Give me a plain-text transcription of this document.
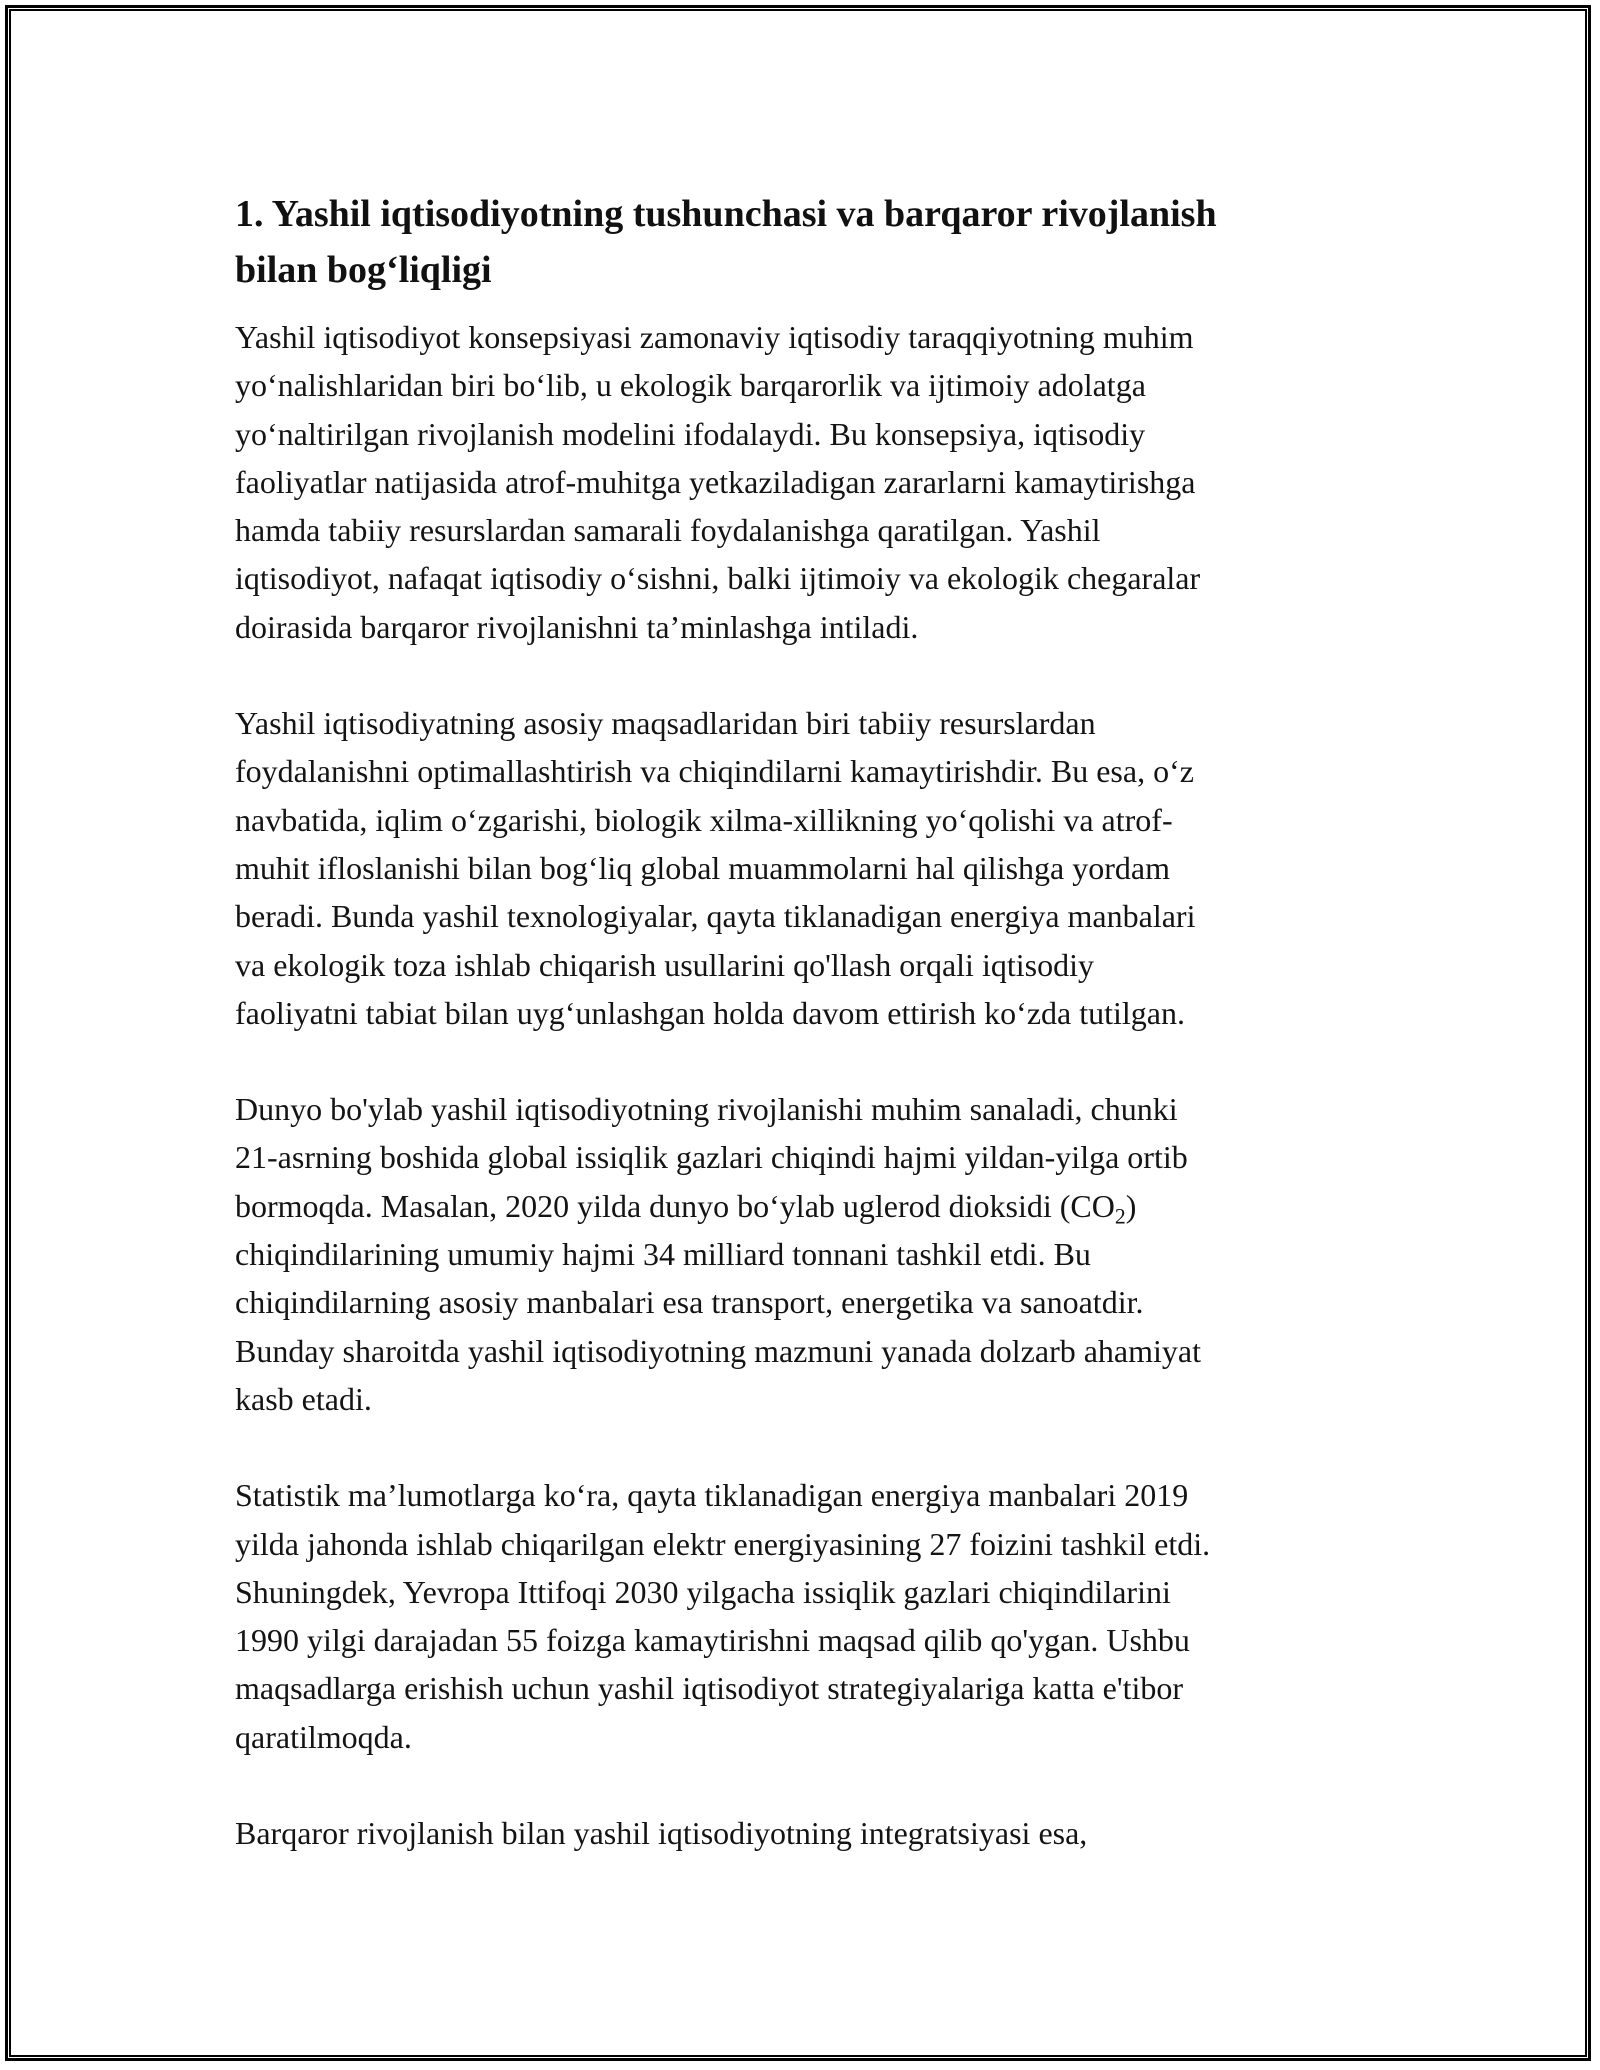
1. Yashil iqtisodiyotning tushunchasi va barqaror rivojlanish
bilan bog‘liqligi

Yashil iqtisodiyot konsepsiyasi zamonaviy iqtisodiy taraqqiyotning muhim
yo‘nalishlaridan biri bo‘lib, u ekologik barqarorlik va ijtimoiy adolatga
yo‘naltirilgan rivojlanish modelini ifodalaydi. Bu konsepsiya, iqtisodiy
faoliyatlar natijasida atrof-muhitga yetkaziladigan zararlarni kamaytirishga
hamda tabiiy resurslardan samarali foydalanishga qaratilgan. Yashil
iqtisodiyot, nafaqat iqtisodiy o‘sishni, balki ijtimoiy va ekologik chegaralar
doirasida barqaror rivojlanishni ta’minlashga intiladi.

Yashil iqtisodiyatning asosiy maqsadlaridan biri tabiiy resurslardan
foydalanishni optimallashtirish va chiqindilarni kamaytirishdir. Bu esa, o‘z
navbatida, iqlim o‘zgarishi, biologik xilma-xillikning yo‘qolishi va atrof-
muhit ifloslanishi bilan bog‘liq global muammolarni hal qilishga yordam
beradi. Bunda yashil texnologiyalar, qayta tiklanadigan energiya manbalari
va ekologik toza ishlab chiqarish usullarini qo'llash orqali iqtisodiy
faoliyatni tabiat bilan uyg‘unlashgan holda davom ettirish ko‘zda tutilgan.

Dunyo bo'ylab yashil iqtisodiyotning rivojlanishi muhim sanaladi, chunki
21-asrning boshida global issiqlik gazlari chiqindi hajmi yildan-yilga ortib
bormoqda. Masalan, 2020 yilda dunyo bo‘ylab uglerod dioksidi $(CO_2)$
chiqindilarining umumiy hajmi 34 milliard tonnani tashkil etdi. Bu
chiqindilarning asosiy manbalari esa transport, energetika va sanoatdir.
Bunday sharoitda yashil iqtisodiyotning mazmuni yanada dolzarb ahamiyat
kasb etadi.

Statistik ma’lumotlarga ko‘ra, qayta tiklanadigan energiya manbalari 2019
yilda jahonda ishlab chiqarilgan elektr energiyasining 27 foizini tashkil etdi.
Shuningdek, Yevropa Ittifoqi 2030 yilgacha issiqlik gazlari chiqindilarini
1990 yilgi darajadan 55 foizga kamaytirishni maqsad qilib qo'ygan. Ushbu
maqsadlarga erishish uchun yashil iqtisodiyot strategiyalariga katta e'tibor
qaratilmoqda.

Barqaror rivojlanish bilan yashil iqtisodiyotning integratsiyasi esa,
